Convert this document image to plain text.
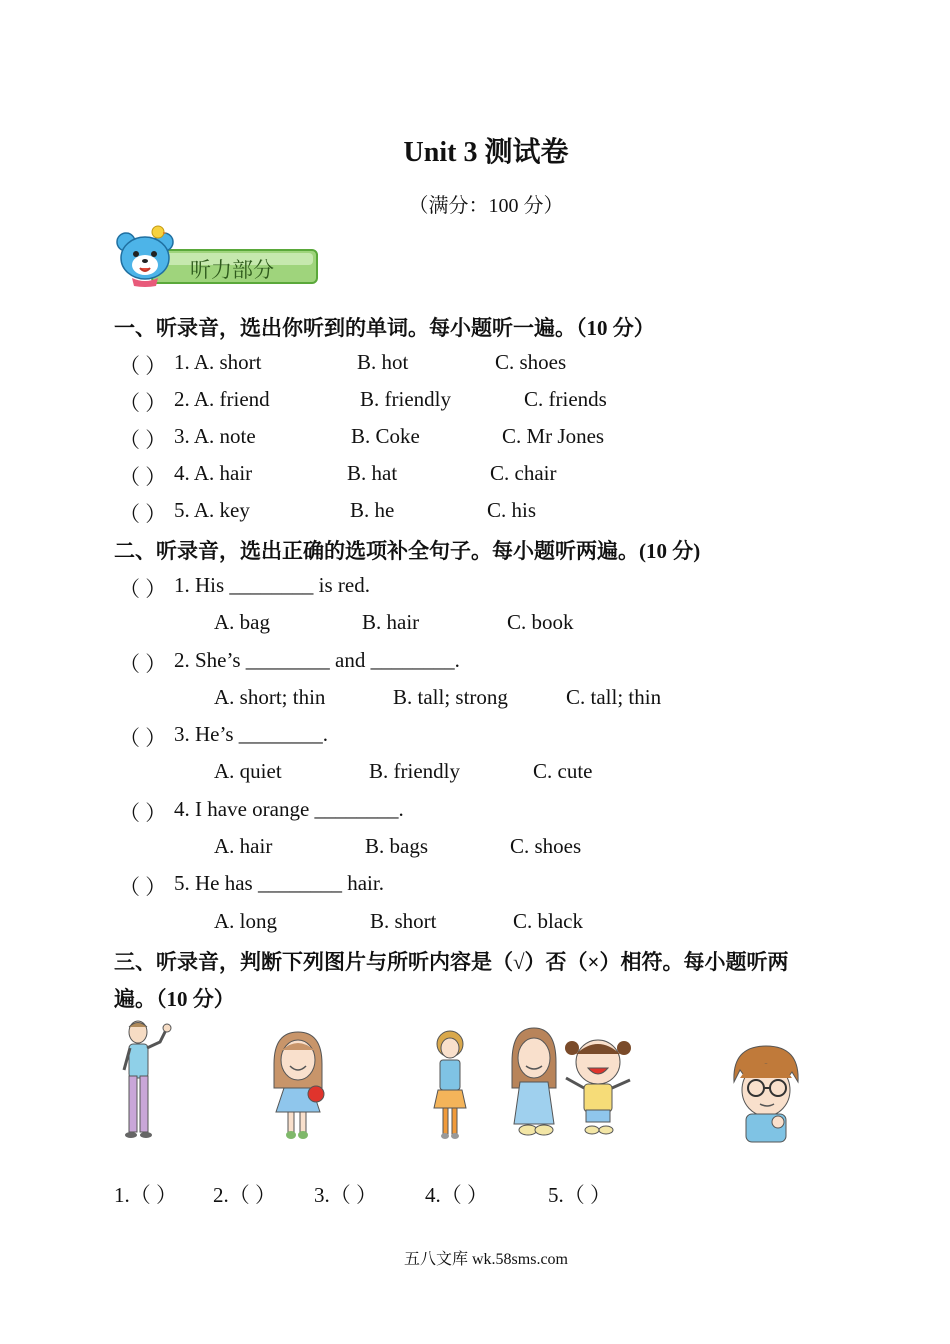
Unit 3 测试卷
（满分：100 分）
听力部分
一、听录音，选出你听到的单词。每小题听一遍。（10 分）
（ ） 1. A. short	B. hot	C. shoes
（ ） 2. A. friend	B. friendly	C. friends
（ ） 3. A. note	B. Coke	C. Mr Jones
（ ） 4. A. hair	B. hat	C. chair
（ ） 5. A. key	B. he	C. his
二、听录音，选出正确的选项补全句子。每小题听两遍。(10 分)
（ ） 1. His ________ is red.
A. bag	B. hair	C. book
（ ） 2. She’s ________ and ________.
A. short; thin	B. tall; strong	C. tall; thin
（ ） 3. He’s ________.
A. quiet	B. friendly	C. cute
（ ） 4. I have orange ________.
A. hair	B. bags	C. shoes
（ ） 5. He has ________ hair.
A. long	B. short	C. black
三、听录音，判断下列图片与所听内容是（√）否（×）相符。每小题听两
遍。（10 分）
1.（ ） 2.（ ） 3.（ ） 4.（ ）	5.（ ）
五八文库 wk.58sms.com
